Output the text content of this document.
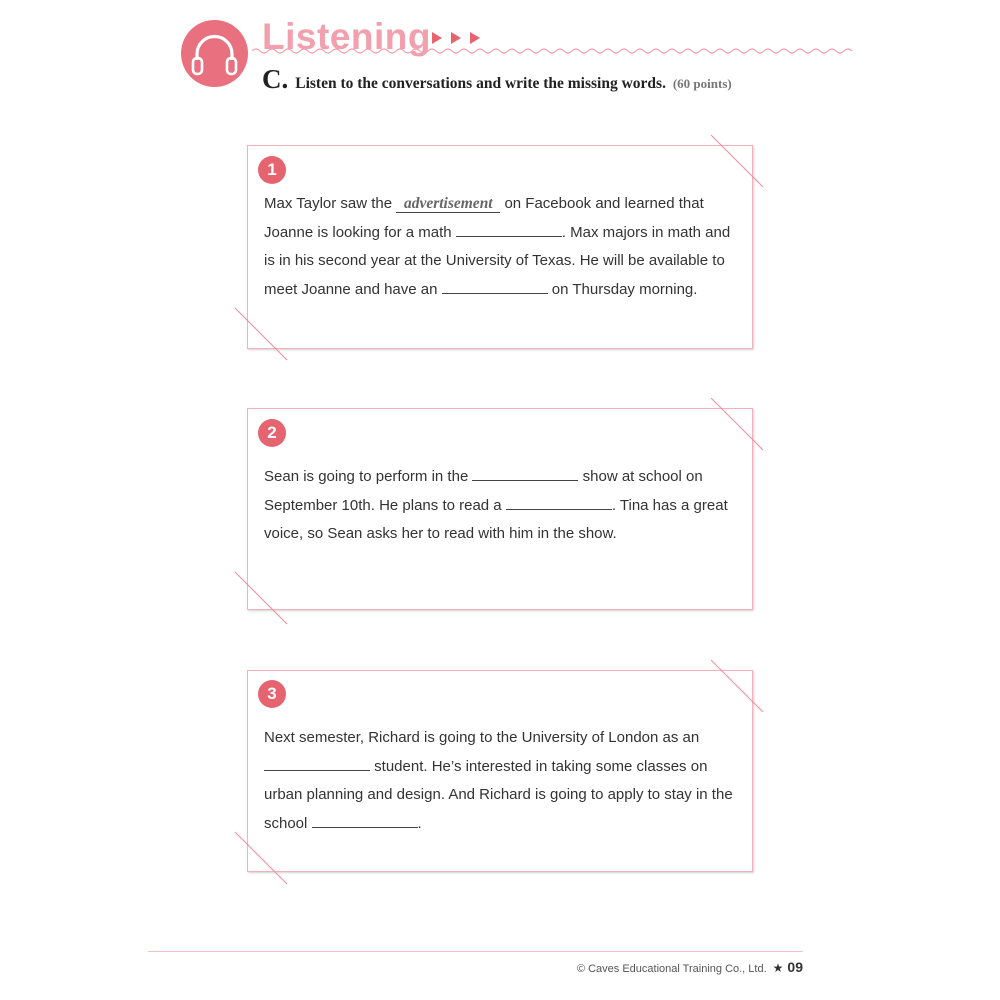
Listening
C. Listen to the conversations and write the missing words. (60 points)
1
Max Taylor saw the advertisement on Facebook and learned that Joanne is looking for a math	. Max majors in math and is in his second year at the University of Texas. He will be available to meet Joanne and have an	on Thursday morning.
2
Sean is going to perform in the	show at school on September 10th. He plans to read a	. Tina has a great voice, so Sean asks her to read with him in the show.
3
Next semester, Richard is going to the University of London as an  student. He’s interested in taking some classes on urban planning and design. And Richard is going to apply to stay in the school	.
© Caves Educational Training Co., Ltd. ★ 09
